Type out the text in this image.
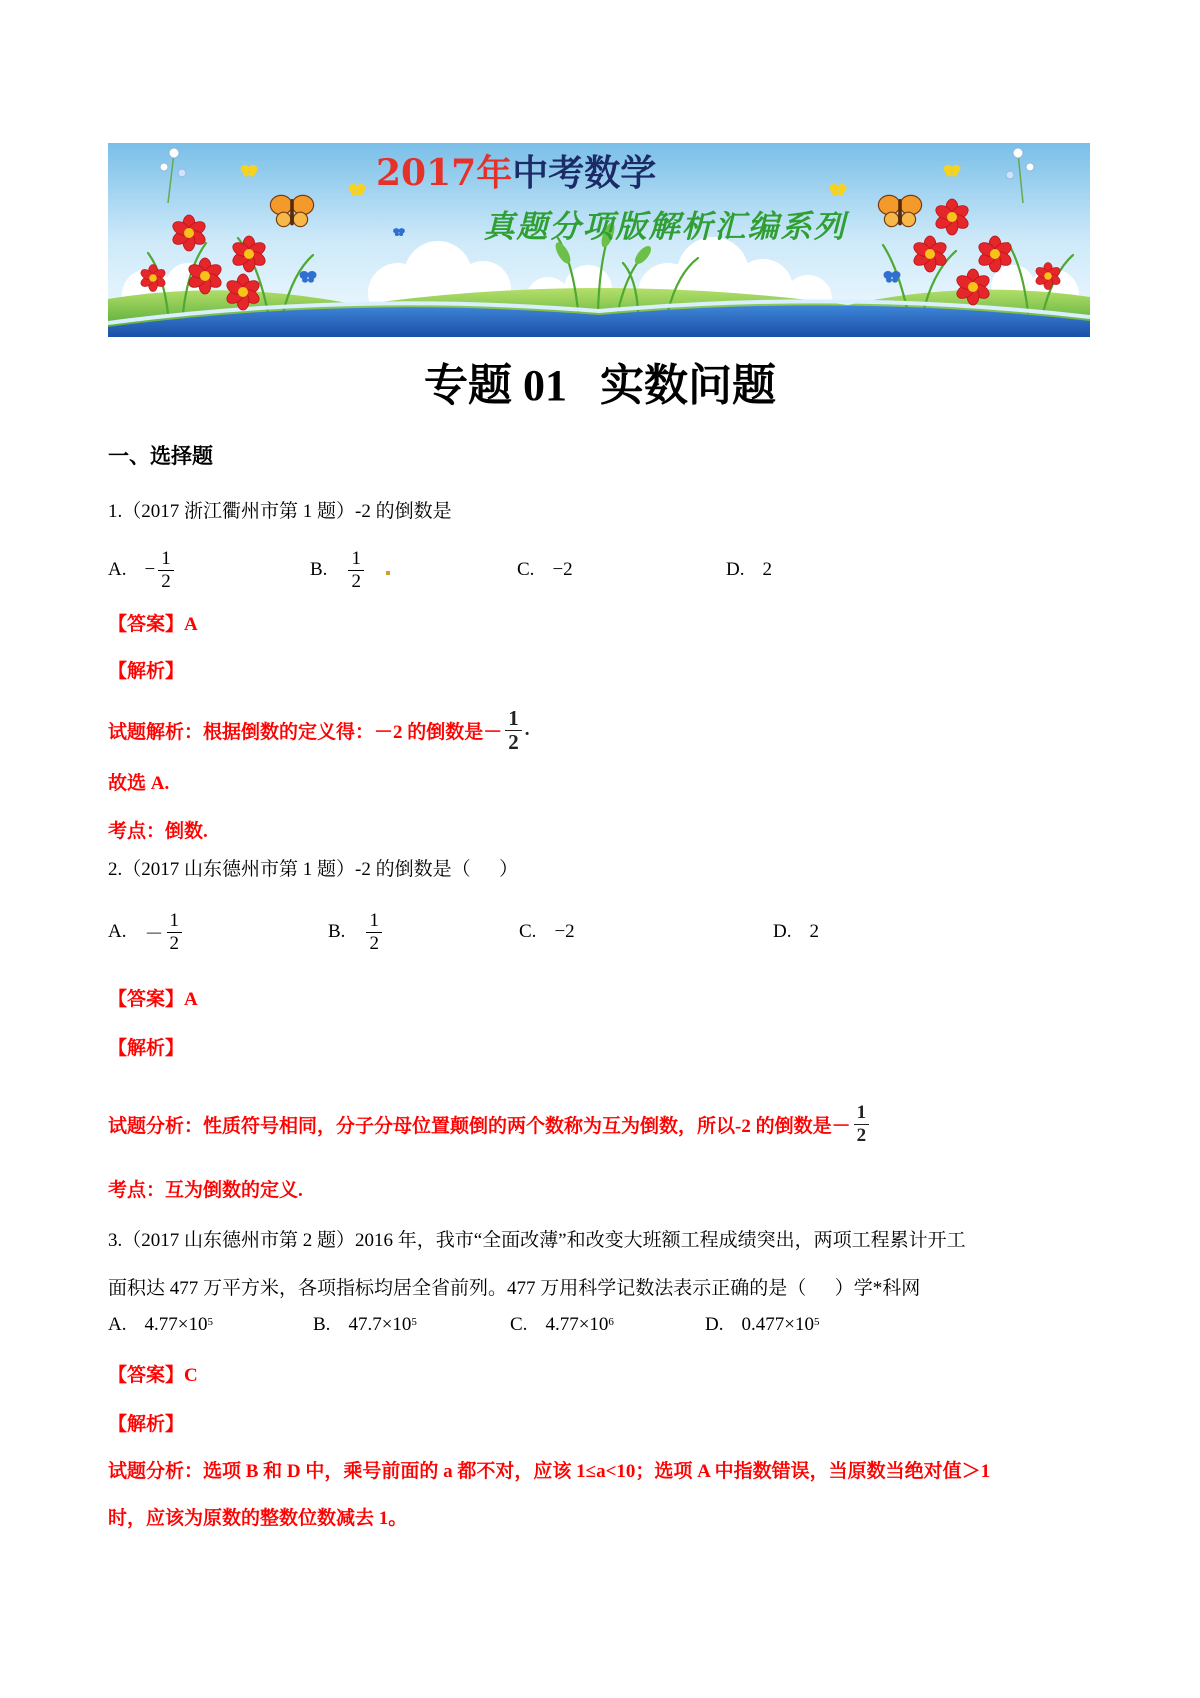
2017年中考数学
真题分项版解析汇编系列
专题 01   实数问题
一、选择题
1.（2017 浙江衢州市第 1 题）-2 的倒数是
A. − $\frac{1}{2}$	B. $\frac{1}{2}$	C. −2	D. 2
【答案】A
【解析】
试题解析：根据倒数的定义得：－2 的倒数是－ $\frac{1}{2}$ .
故选 A.
考点：倒数.
2.（2017 山东德州市第 1 题）-2 的倒数是（      ）
A. － $\frac{1}{2}$	B. $\frac{1}{2}$	C. −2	D. 2
【答案】A
【解析】
试题分析：性质符号相同，分子分母位置颠倒的两个数称为互为倒数，所以-2 的倒数是－ $\frac{1}{2}$
考点：互为倒数的定义.
3.（2017 山东德州市第 2 题）2016 年，我市“全面改薄”和改变大班额工程成绩突出，两项工程累计开工
面积达 477 万平方米，各项指标均居全省前列。477 万用科学记数法表示正确的是（      ）学*科网
A. $4.77\times 10^5$	B. $47.7\times 10^5$	C. $4.77\times 10^6$	D. $0.477\times 10^5$
【答案】C
【解析】
试题分析：选项 B 和 D 中，乘号前面的 a 都不对，应该 1≤a<10；选项 A 中指数错误，当原数当绝对值＞1
时，应该为原数的整数位数减去 1。
